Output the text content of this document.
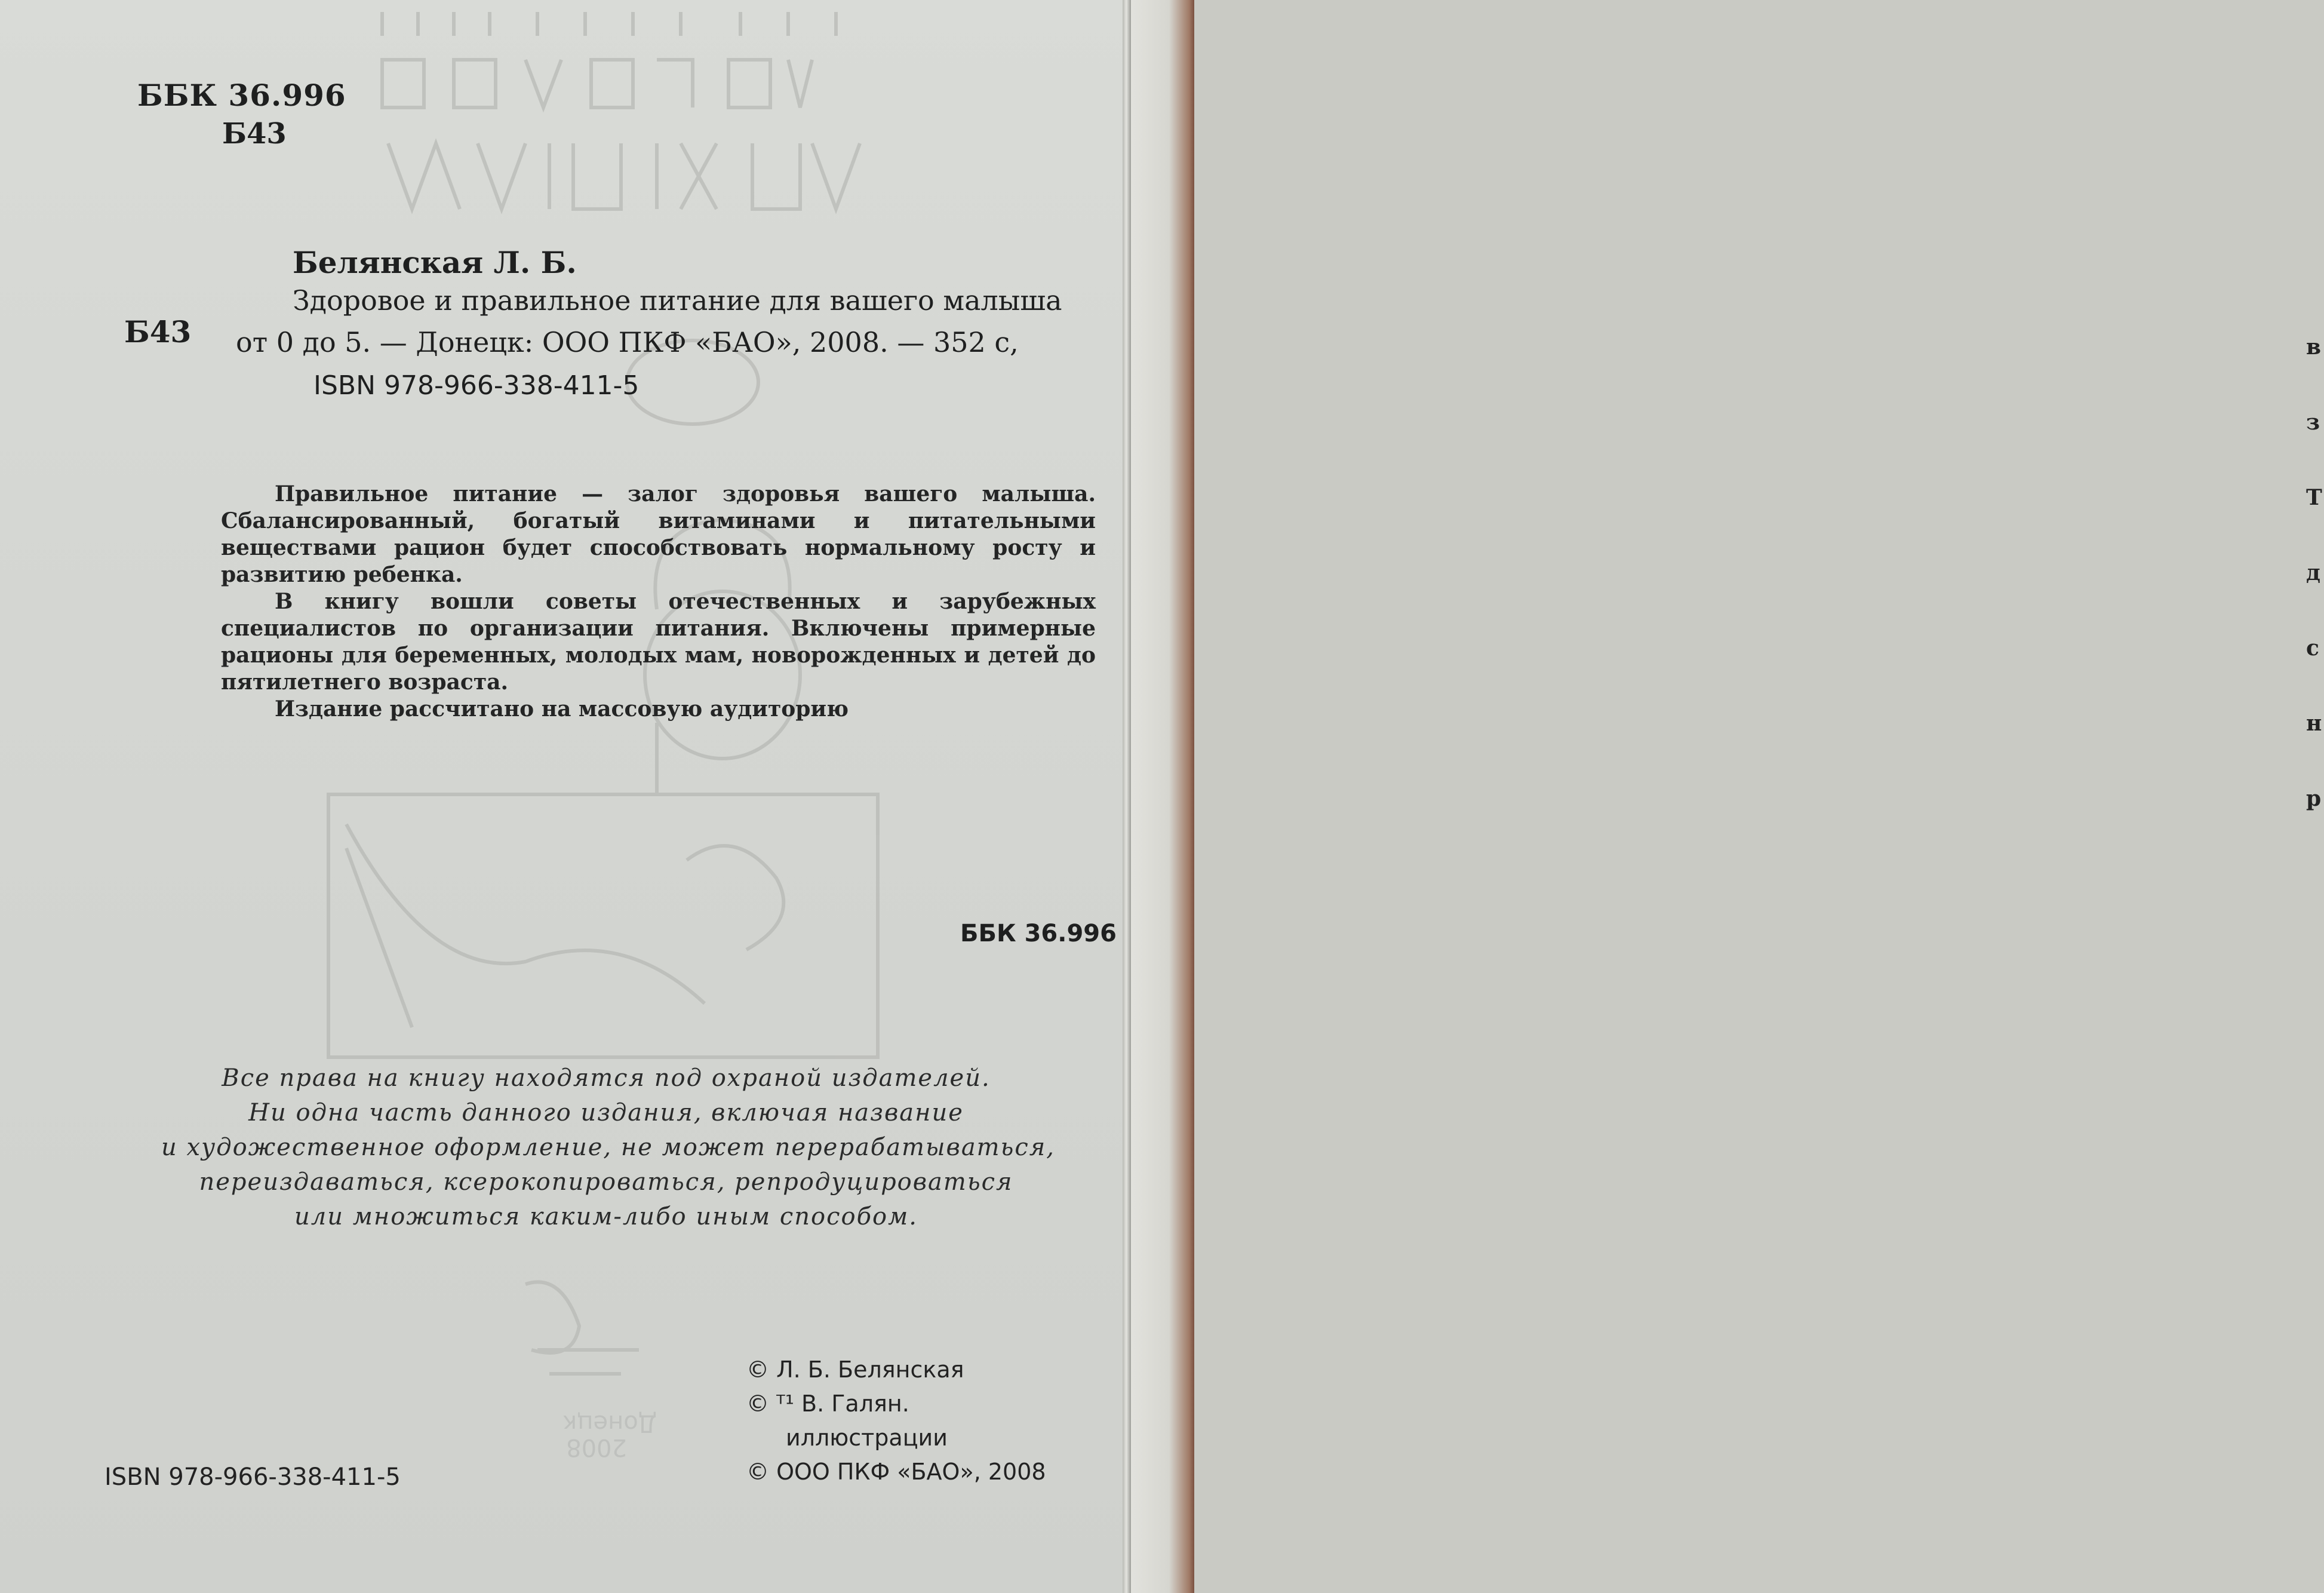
Донецк
2008
ББК 36.996
Б43
Белянская Л. Б.
Здоровое и правильное питание для вашего малыша
Б43 от 0 до 5. — Донецк: ООО ПКФ «БАО», 2008. — 352 с,
ISBN 978-966-338-411-5

Правильное питание — залог здоровья вашего малыша. Сбалансированный, богатый витаминами и питательными веществами рацион будет способствовать нормальному росту и развитию ребенка.

В книгу вошли советы отечественных и зарубежных специалистов по организации питания. Включены примерные рационы для беременных, молодых мам, новорожденных и детей до пятилетнего возраста.

Издание рассчитано на массовую аудиторию

ББК 36.996
Все права на книгу находятся под охраной издателей.
Ни одна часть данного издания, включая название
и художественное оформление, не может перерабатываться,
переиздаваться, ксерокопироваться, репродуцироваться
или множиться каким-либо иным способом.
© Л. Б. Белянская
© ᵀ¹ В. Галян.
иллюстрации
© ООО ПКФ «БАО», 2008
ISBN 978-966-338-411-5
в
з
Т
д
с
н
р
